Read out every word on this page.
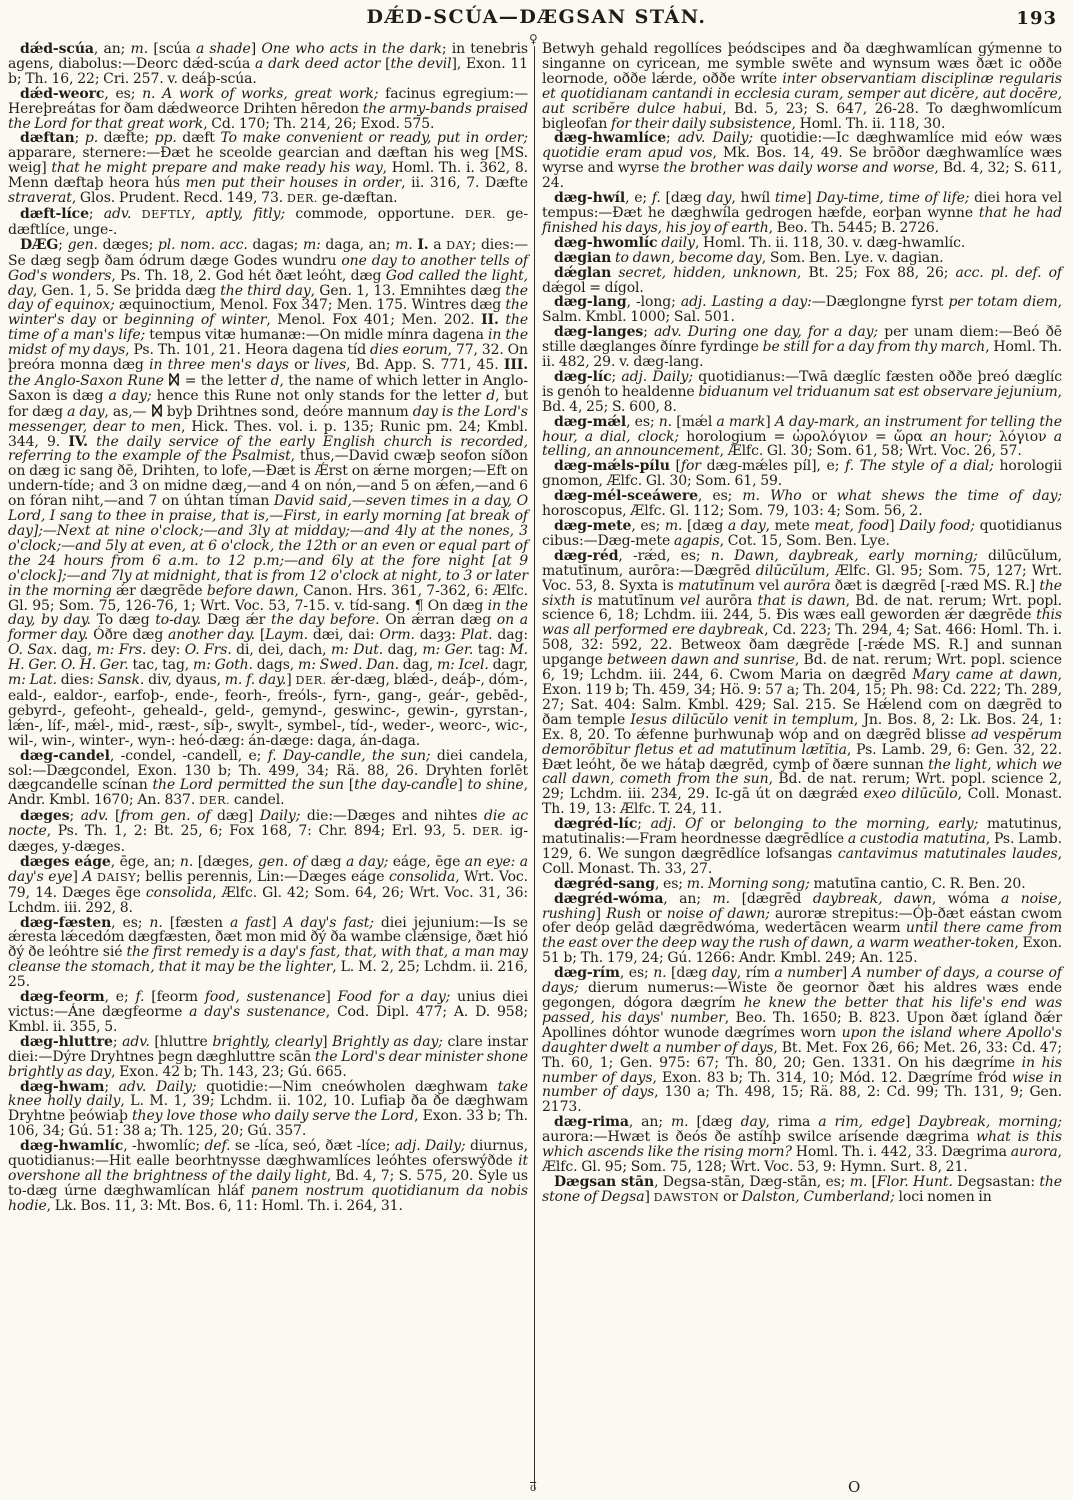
DǼD-SCÚA—DÆGSAN STÁN.	193

dǽd-scúa, an; m. [scúa a shade] One who acts in the dark; in tenebris agens, diabolus:—Deorc dǽd-scúa a dark deed actor [the devil], Exon. 11 b; Th. 16, 22; Cri. 257. v. deáþ-scúa.

dǽd-weorc, es; n. A work of works, great work; facinus egregium:—Hereþreátas for ðam dǽdweorce Drihten hēredon the army-bands praised the Lord for that great work, Cd. 170; Th. 214, 26; Exod. 575.

dæftan; p. dæfte; pp. dæft To make convenient or ready, put in order; apparare, sternere:—Ðæt he sceolde gearcian and dæftan his weg [MS. weig] that he might prepare and make ready his way, Homl. Th. i. 362, 8. Menn dæftaþ heora hús men put their houses in order, ii. 316, 7. Dæfte straverat, Glos. Prudent. Recd. 149, 73. DER. ge-dæftan.

dæft-líce; adv. DEFTLY, aptly, fitly; commode, opportune. DER. ge-dæftlíce, unge-.

DÆG; gen. dæges; pl. nom. acc. dagas; m: daga, an; m. I. a DAY; dies:—Se dæg segþ ðam ódrum dæge Godes wundru one day to another tells of God's wonders, Ps. Th. 18, 2. God hét ðæt leóht, dæg God called the light, day, Gen. 1, 5. Se þridda dæg the third day, Gen. 1, 13. Emnihtes dæg the day of equinox; æquinoctium, Menol. Fox 347; Men. 175. Wintres dæg the winter's day or beginning of winter, Menol. Fox 401; Men. 202. II. the time of a man's life; tempus vitæ humanæ:—On midle mínra dagena in the midst of my days, Ps. Th. 101, 21. Heora dagena tíd dies eorum, 77, 32. On þreóra monna dæg in three men's days or lives, Bd. App. S. 771, 45. III. the Anglo-Saxon Rune  = the letter d, the name of which letter in Anglo-Saxon is dæg a day; hence this Rune not only stands for the letter d, but for dæg a day, as,—  byþ Drihtnes sond, deóre mannum day is the Lord's messenger, dear to men, Hick. Thes. vol. i. p. 135; Runic pm. 24; Kmbl. 344, 9. IV. the daily service of the early English church is recorded, referring to the example of the Psalmist, thus,—David cwæþ seofon síðon on dæg ic sang ðē, Drihten, to lofe,—Ðæt is Ǽrst on ǽrne morgen;—Eft on undern-tíde; and 3 on midne dæg,—and 4 on nón,—and 5 on ǽfen,—and 6 on fóran niht,—and 7 on úhtan tíman David said,—seven times in a day, O Lord, I sang to thee in praise, that is,—First, in early morning [at break of day];—Next at nine o'clock;—and 3ly at midday;—and 4ly at the nones, 3 o'clock;—and 5ly at even, at 6 o'clock, the 12th or an even or equal part of the 24 hours from 6 a.m. to 12 p.m;—and 6ly at the fore night [at 9 o'clock];—and 7ly at midnight, that is from 12 o'clock at night, to 3 or later in the morning ǽr dægrēde before dawn, Canon. Hrs. 361, 7-362, 6: Ælfc. Gl. 95; Som. 75, 126-76, 1; Wrt. Voc. 53, 7-15. v. tíd-sang. ¶ On dæg in the day, by day. To dæg to-day. Dæg ǽr the day before. On ǽrran dæg on a former day. Óðre dæg another day. [Laym. dæi, dai: Orm. daȝȝ: Plat. dag: O. Sax. dag, m: Frs. dey: O. Frs. di, dei, dach, m: Dut. dag, m: Ger. tag: M. H. Ger. O. H. Ger. tac, tag, m: Goth. dags, m: Swed. Dan. dag, m: Icel. dagr, m: Lat. dies: Sansk. div, dyaus, m. f. day.] DER. ǽr-dæg, blǽd-, deáþ-, dóm-, eald-, ealdor-, earfoþ-, ende-, feorh-, freóls-, fyrn-, gang-, geár-, gebēd-, gebyrd-, gefeoht-, geheald-, geld-, gemynd-, geswinc-, gewin-, gyrstan-, lǽn-, líf-, mǽl-, mid-, ræst-, síþ-, swylt-, symbel-, tíd-, weder-, weorc-, wic-, wil-, win-, winter-, wyn-: heó-dæg: án-dæge: daga, án-daga.

dæg-candel, -condel, -candell, e; f. Day-candle, the sun; diei candela, sol:—Dægcondel, Exon. 130 b; Th. 499, 34; Rä. 88, 26. Dryhten forlēt dægcandelle scínan the Lord permitted the sun [the day-candle] to shine, Andr. Kmbl. 1670; An. 837. DER. candel.

dæges; adv. [from gen. of dæg] Daily; die:—Dæges and nihtes die ac nocte, Ps. Th. 1, 2: Bt. 25, 6; Fox 168, 7: Chr. 894; Erl. 93, 5. DER. ig-dæges, y-dæges.

dæges eáge, ēge, an; n. [dæges, gen. of dæg a day; eáge, ēge an eye: a day's eye] A DAISY; bellis perennis, Lin:—Dæges eáge consolida, Wrt. Voc. 79, 14. Dæges ēge consolida, Ælfc. Gl. 42; Som. 64, 26; Wrt. Voc. 31, 36: Lchdm. iii. 292, 8.

dæg-fæsten, es; n. [fæsten a fast] A day's fast; diei jejunium:—Is se ǽresta lǽcedóm dægfæsten, ðæt mon mid ðý ða wambe clǽnsige, ðæt hió ðý ðe leóhtre sié the first remedy is a day's fast, that, with that, a man may cleanse the stomach, that it may be the lighter, L. M. 2, 25; Lchdm. ii. 216, 25.

dæg-feorm, e; f. [feorm food, sustenance] Food for a day; unius diei victus:—Áne dægfeorme a day's sustenance, Cod. Dipl. 477; A. D. 958; Kmbl. ii. 355, 5.

dæg-hluttre; adv. [hluttre brightly, clearly] Brightly as day; clare instar diei:—Dýre Dryhtnes þegn dæghluttre scān the Lord's dear minister shone brightly as day, Exon. 42 b; Th. 143, 23; Gú. 665.

dæg-hwam; adv. Daily; quotidie:—Nim cneówholen dæghwam take knee holly daily, L. M. 1, 39; Lchdm. ii. 102, 10. Lufiaþ ða ðe dæghwam Dryhtne þeówiaþ they love those who daily serve the Lord, Exon. 33 b; Th. 106, 34; Gú. 51: 38 a; Th. 125, 20; Gú. 357.

dæg-hwamlíc, -hwomlíc; def. se -líca, seó, ðæt -líce; adj. Daily; diurnus, quotidianus:—Hit ealle beorhtnysse dæghwamlíces leóhtes oferswýðde it overshone all the brightness of the daily light, Bd. 4, 7; S. 575, 20. Syle us to-dæg úrne dæghwamlícan hláf panem nostrum quotidianum da nobis hodie, Lk. Bos. 11, 3: Mt. Bos. 6, 11: Homl. Th. i. 264, 31.

♀
$\overline{ʊ}$

Betwyh gehald regollíces þeódscipes and ða dæghwamlícan gýmenne to singanne on cyricean, me symble swēte and wynsum wæs ðæt ic oððe leornode, oððe lǽrde, oððe wríte inter observantiam disciplinæ regularis et quotidianam cantandi in ecclesia curam, semper aut dicĕre, aut docēre, aut scribĕre dulce habui, Bd. 5, 23; S. 647, 26-28. To dæghwomlícum bigleofan for their daily subsistence, Homl. Th. ii. 118, 30.

dæg-hwamlíce; adv. Daily; quotidie:—Ic dæghwamlíce mid eów wæs quotidie eram apud vos, Mk. Bos. 14, 49. Se brōðor dæghwamlíce wæs wyrse and wyrse the brother was daily worse and worse, Bd. 4, 32; S. 611, 24.

dæg-hwíl, e; f. [dæg day, hwíl time] Day-time, time of life; diei hora vel tempus:—Ðæt he dæghwíla gedrogen hæfde, eorþan wynne that he had finished his days, his joy of earth, Beo. Th. 5445; B. 2726.

dæg-hwomlíc daily, Homl. Th. ii. 118, 30. v. dæg-hwamlíc.

dægian to dawn, become day, Som. Ben. Lye. v. dagian.

dǽglan secret, hidden, unknown, Bt. 25; Fox 88, 26; acc. pl. def. of dǽgol = dígol.

dæg-lang, -long; adj. Lasting a day:—Dæglongne fyrst per totam diem, Salm. Kmbl. 1000; Sal. 501.

dæg-langes; adv. During one day, for a day; per unam diem:—Beó ðē stille dæglanges ðínre fyrdinge be still for a day from thy march, Homl. Th. ii. 482, 29. v. dæg-lang.

dæg-líc; adj. Daily; quotidianus:—Twā dæglíc fæsten oððe þreó dæglíc is genóh to healdenne biduanum vel triduanum sat est observare jejunium, Bd. 4, 25; S. 600, 8.

dæg-mǽl, es; n. [mǽl a mark] A day-mark, an instrument for telling the hour, a dial, clock; horologium = ὡρολόγιον = ὥρα an hour; λόγιον a telling, an announcement, Ælfc. Gl. 30; Som. 61, 58; Wrt. Voc. 26, 57.

dæg-mǽls-pílu [for dæg-mǽles píl], e; f. The style of a dial; horologii gnomon, Ælfc. Gl. 30; Som. 61, 59.

dæg-mél-sceáwere, es; m. Who or what shews the time of day; horoscopus, Ælfc. Gl. 112; Som. 79, 103: 4; Som. 56, 2.

dæg-mete, es; m. [dæg a day, mete meat, food] Daily food; quotidianus cibus:—Dæg-mete agapis, Cot. 15, Som. Ben. Lye.

dæg-réd, -rǽd, es; n. Dawn, daybreak, early morning; dilūcŭlum, matutīnum, aurōra:—Dægrēd dilūcŭlum, Ælfc. Gl. 95; Som. 75, 127; Wrt. Voc. 53, 8. Syxta is matutīnum vel aurōra ðæt is dægrēd [-ræd MS. R.] the sixth is matutīnum vel aurōra that is dawn, Bd. de nat. rerum; Wrt. popl. science 6, 18; Lchdm. iii. 244, 5. Ðis wæs eall geworden ǽr dægrēde this was all performed ere daybreak, Cd. 223; Th. 294, 4; Sat. 466: Homl. Th. i. 508, 32: 592, 22. Betweox ðam dægrēde [-rǽde MS. R.] and sunnan upgange between dawn and sunrise, Bd. de nat. rerum; Wrt. popl. science 6, 19; Lchdm. iii. 244, 6. Cwom Maria on dægrēd Mary came at dawn, Exon. 119 b; Th. 459, 34; Hö. 9: 57 a; Th. 204, 15; Ph. 98: Cd. 222; Th. 289, 27; Sat. 404: Salm. Kmbl. 429; Sal. 215. Se Hǽlend com on dægrēd to ðam temple Iesus dilūcŭlo venit in templum, Jn. Bos. 8, 2: Lk. Bos. 24, 1: Ex. 8, 20. To ǽfenne þurhwunaþ wóp and on dægrēd blisse ad vespĕrum demorōbĭtur fletus et ad matutīnum lætĭtia, Ps. Lamb. 29, 6: Gen. 32, 22. Ðæt leóht, ðe we hátaþ dægrēd, cymþ of ðære sunnan the light, which we call dawn, cometh from the sun, Bd. de nat. rerum; Wrt. popl. science 2, 29; Lchdm. iii. 234, 29. Ic-gā út on dægrǽd exeo dilūcŭlo, Coll. Monast. Th. 19, 13: Ælfc. T. 24, 11.

dægréd-líc; adj. Of or belonging to the morning, early; matutinus, matutinalis:—Fram heordnesse dægrēdlíce a custodia matutina, Ps. Lamb. 129, 6. We sungon dægrēdlíce lofsangas cantavimus matutinales laudes, Coll. Monast. Th. 33, 27.

dægréd-sang, es; m. Morning song; matutīna cantio, C. R. Ben. 20.

dægréd-wóma, an; m. [dægrēd daybreak, dawn, wóma a noise, rushing] Rush or noise of dawn; auroræ strepitus:—Óþ-ðæt eástan cwom ofer deóp gelād dægrēdwóma, wedertācen wearm until there came from the east over the deep way the rush of dawn, a warm weather-token, Exon. 51 b; Th. 179, 24; Gú. 1266: Andr. Kmbl. 249; An. 125.

dæg-rím, es; n. [dæg day, rím a number] A number of days, a course of days; dierum numerus:—Wiste ðe geornor ðæt his aldres wæs ende gegongen, dógora dægrím he knew the better that his life's end was passed, his days' number, Beo. Th. 1650; B. 823. Upon ðæt ígland ðǽr Apollines dóhtor wunode dægrímes worn upon the island where Apollo's daughter dwelt a number of days, Bt. Met. Fox 26, 66; Met. 26, 33: Cd. 47; Th. 60, 1; Gen. 975: 67; Th. 80, 20; Gen. 1331. On his dægríme in his number of days, Exon. 83 b; Th. 314, 10; Mód. 12. Dægríme fród wise in number of days, 130 a; Th. 498, 15; Rä. 88, 2: Cd. 99; Th. 131, 9; Gen. 2173.

dæg-rima, an; m. [dæg day, rima a rim, edge] Daybreak, morning; aurora:—Hwæt is ðeós ðe astíhþ swilce arísende dægrima what is this which ascends like the rising morn? Homl. Th. i. 442, 33. Dægrima aurora, Ælfc. Gl. 95; Som. 75, 128; Wrt. Voc. 53, 9: Hymn. Surt. 8, 21.

Dægsan stān, Degsa-stān, Dæg-stān, es; m. [Flor. Hunt. Degsastan: the stone of Degsa] DAWSTON or Dalston, Cumberland; loci nomen in

O
